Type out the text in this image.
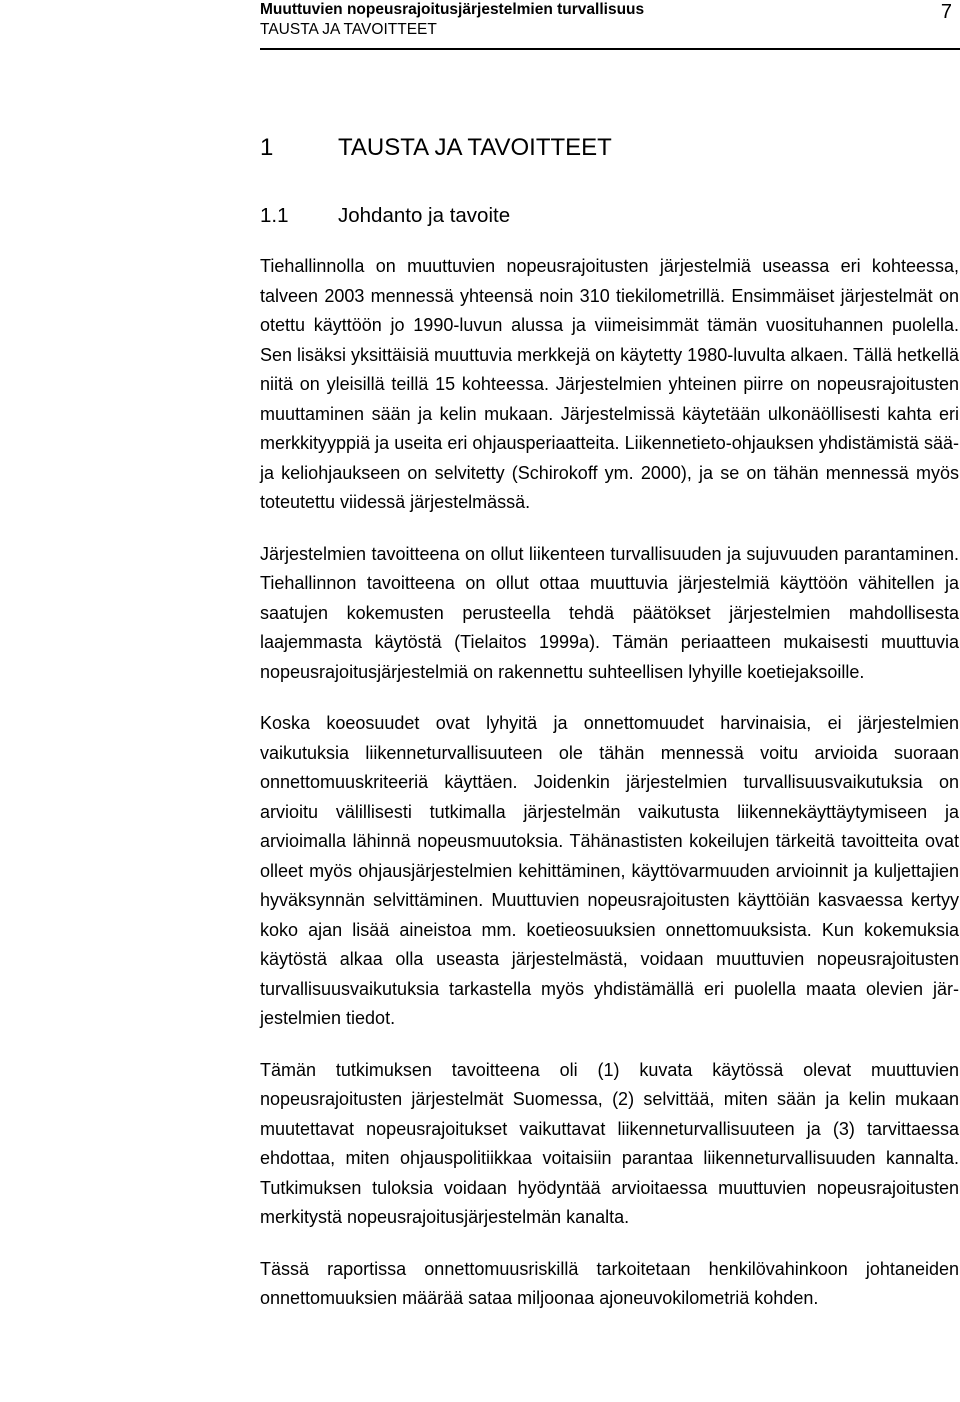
Muuttuvien nopeusrajoitusjärjestelmien turvallisuus
TAUSTA JA TAVOITTEET
7
1	TAUSTA JA TAVOITTEET
1.1	Johdanto ja tavoite

Tiehallinnolla on muuttuvien nopeusrajoitusten järjestelmiä useassa eri kohteessa, talveen 2003 mennessä yhteensä noin 310 tiekilometrillä. Ensimmäiset järjestelmät on otettu käyttöön jo 1990-luvun alussa ja viimeisimmät tämän vuosituhannen puolella. Sen lisäksi yksittäisiä muuttuvia merkkejä on käytetty 1980-luvulta alkaen. Tällä hetkellä niitä on yleisillä teillä 15 kohteessa. Järjestelmien yhteinen piirre on nopeusrajoitusten muuttaminen sään ja kelin mukaan. Järjestelmissä käytetään ulkonäöllisesti kahta eri merkkityyppiä ja useita eri ohjausperiaatteita. Liikennetieto-ohjauksen yhdistämistä sää- ja keliohjaukseen on selvitetty (Schirokoff ym. 2000), ja se on tähän mennessä myös toteutettu viidessä järjestelmässä.

Järjestelmien tavoitteena on ollut liikenteen turvallisuuden ja sujuvuuden parantaminen. Tiehallinnon tavoitteena on ollut ottaa muuttuvia järjestelmiä käyttöön vähitellen ja saatujen kokemusten perusteella tehdä päätökset järjestelmien mahdollisesta laajemmasta käytöstä (Tielaitos 1999a). Tämän periaatteen mukaisesti muuttuvia nopeusrajoitusjärjestelmiä on rakennettu suhteellisen lyhyille koetiejaksoille.

Koska koeosuudet ovat lyhyitä ja onnettomuudet harvinaisia, ei järjestelmien vaikutuksia liikenneturvallisuuteen ole tähän mennessä voitu arvioida suoraan onnettomuuskriteeriä käyttäen. Joidenkin järjestelmien turvallisuusvaikutuksia on arvioitu välillisesti tutkimalla järjestelmän vaikutusta liikennekäyttäytymiseen ja arvioimalla lähinnä nopeusmuutoksia. Tähänastisten kokeilujen tärkeitä tavoitteita ovat olleet myös ohjausjärjestelmien kehittäminen, käyttövarmuuden arvioinnit ja kuljettajien hyväksynnän selvittäminen. Muuttuvien nopeusrajoitusten käyttöiän kasvaessa kertyy koko ajan lisää aineistoa mm. koetieosuuksien onnettomuuksista. Kun kokemuksia käytöstä alkaa olla useasta järjestelmästä, voidaan muuttuvien nopeusrajoitusten turvallisuusvaikutuksia tarkastella myös yhdistämällä eri puolella maata olevien järjestelmien tiedot.

Tämän tutkimuksen tavoitteena oli (1) kuvata käytössä olevat muuttuvien nopeusrajoitusten järjestelmät Suomessa, (2) selvittää, miten sään ja kelin mukaan muutettavat nopeusrajoitukset vaikuttavat liikenneturvallisuuteen ja (3) tarvittaessa ehdottaa, miten ohjauspolitiikkaa voitaisiin parantaa liikenneturvallisuuden kannalta. Tutkimuksen tuloksia voidaan hyödyntää arvioitaessa muuttuvien nopeusrajoitusten merkitystä nopeusrajoitusjärjestelmän kanalta.

Tässä raportissa onnettomuusriskillä tarkoitetaan henkilövahinkoon johtaneiden onnettomuuksien määrää sataa miljoonaa ajoneuvokilometriä kohden.
